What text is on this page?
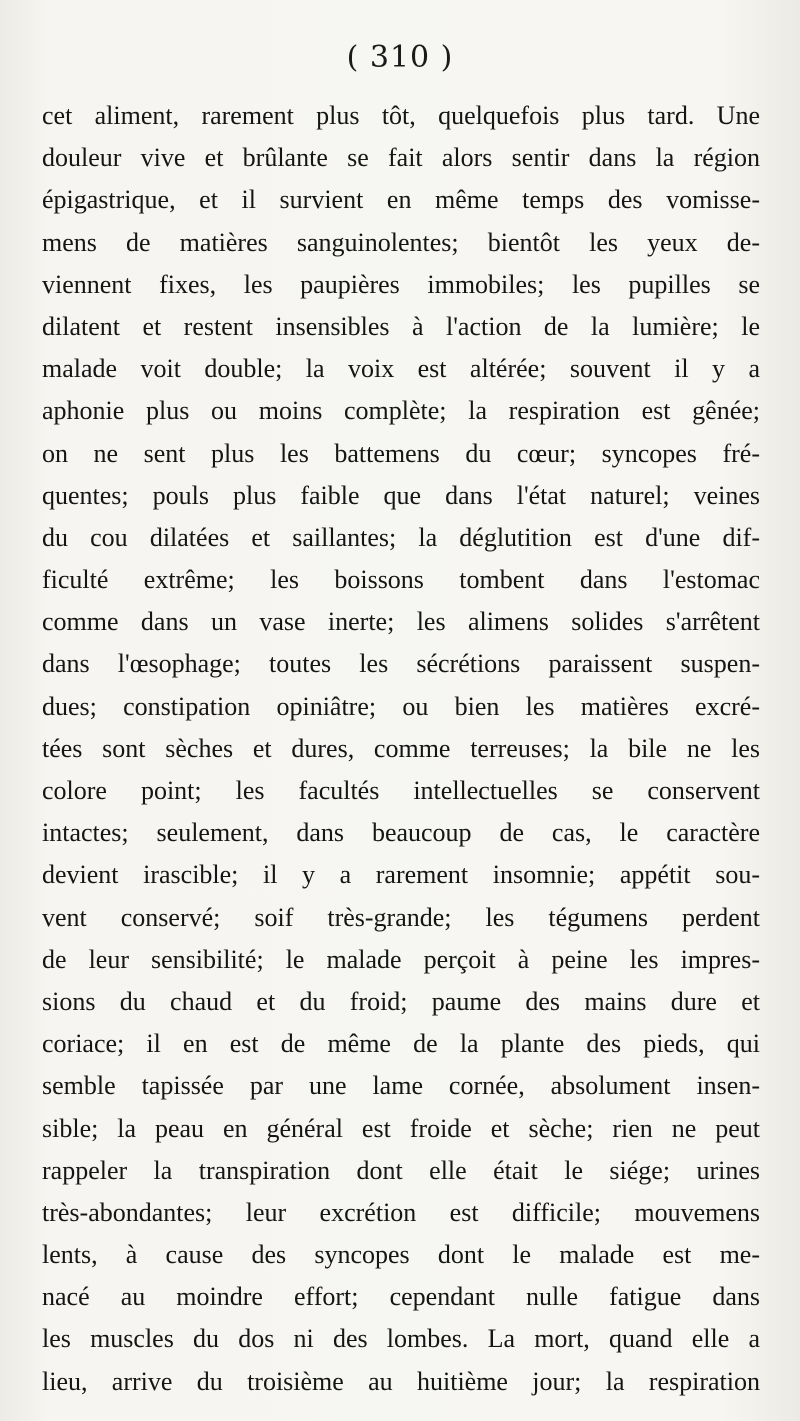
( 310 )
cet aliment, rarement plus tôt, quelquefois plus tard. Une
douleur vive et brûlante se fait alors sentir dans la région
épigastrique, et il survient en même temps des vomisse-
mens de matières sanguinolentes; bientôt les yeux de-
viennent fixes, les paupières immobiles; les pupilles se
dilatent et restent insensibles à l'action de la lumière; le
malade voit double; la voix est altérée; souvent il y a
aphonie plus ou moins complète; la respiration est gênée;
on ne sent plus les battemens du cœur; syncopes fré-
quentes; pouls plus faible que dans l'état naturel; veines
du cou dilatées et saillantes; la déglutition est d'une dif-
ficulté extrême; les boissons tombent dans l'estomac
comme dans un vase inerte; les alimens solides s'arrêtent
dans l'œsophage; toutes les sécrétions paraissent suspen-
dues; constipation opiniâtre; ou bien les matières excré-
tées sont sèches et dures, comme terreuses; la bile ne les
colore point; les facultés intellectuelles se conservent
intactes; seulement, dans beaucoup de cas, le caractère
devient irascible; il y a rarement insomnie; appétit sou-
vent conservé; soif très-grande; les tégumens perdent
de leur sensibilité; le malade perçoit à peine les impres-
sions du chaud et du froid; paume des mains dure et
coriace; il en est de même de la plante des pieds, qui
semble tapissée par une lame cornée, absolument insen-
sible; la peau en général est froide et sèche; rien ne peut
rappeler la transpiration dont elle était le siége; urines
très-abondantes; leur excrétion est difficile; mouvemens
lents, à cause des syncopes dont le malade est me-
nacé au moindre effort; cependant nulle fatigue dans
les muscles du dos ni des lombes. La mort, quand elle a
lieu, arrive du troisième au huitième jour; la respiration
